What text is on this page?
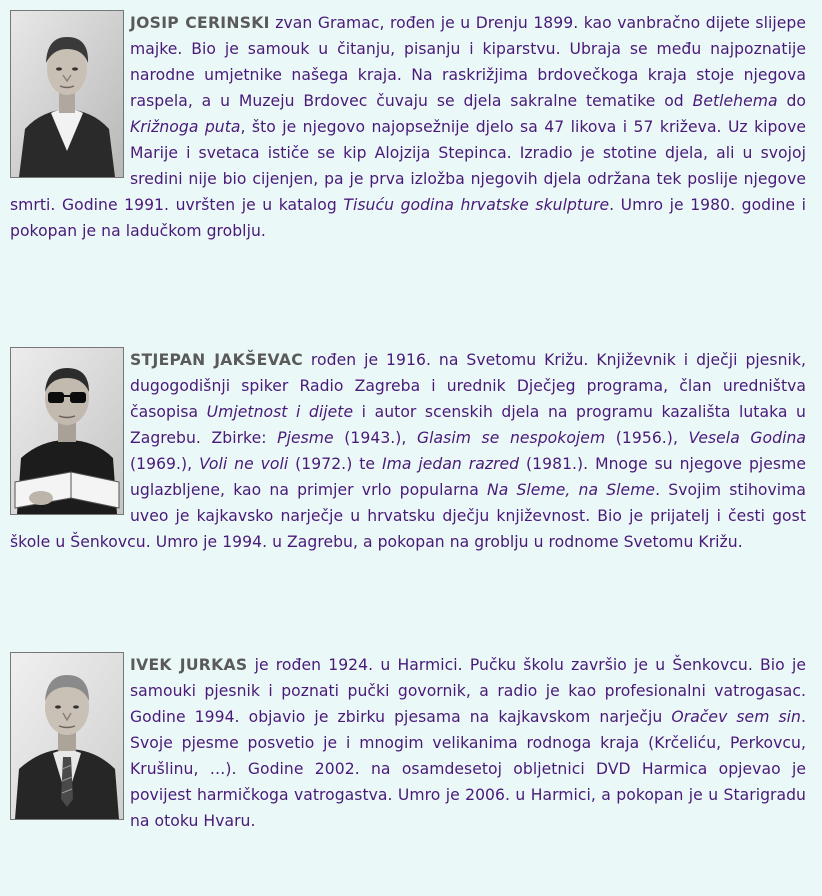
JOSIP CERINSKI zvan Gramac, rođen je u Drenju 1899. kao vanbračno dijete slijepe majke. Bio je samouk u čitanju, pisanju i kiparstvu. Ubraja se među najpoznatije narodne umjetnike našega kraja. Na raskrižjima brdovečkoga kraja stoje njegova raspela, a u Muzeju Brdovec čuvaju se djela sakralne tematike od Betlehema do Križnoga puta, što je njegovo najopsežnije djelo sa 47 likova i 57 križeva. Uz kipove Marije i svetaca ističe se kip Alojzija Stepinca. Izradio je stotine djela, ali u svojoj sredini nije bio cijenjen, pa je prva izložba njegovih djela održana tek poslije njegove smrti. Godine 1991. uvršten je u katalog Tisuću godina hrvatske skulpture. Umro je 1980. godine i pokopan je na ladučkom groblju.
STJEPAN JAKŠEVAC rođen je 1916. na Svetomu Križu. Književnik i dječji pjesnik, dugogodišnji spiker Radio Zagreba i urednik Dječjeg programa, član uredništva časopisa Umjetnost i dijete i autor scenskih djela na programu kazališta lutaka u Zagrebu. Zbirke: Pjesme (1943.), Glasim se nespokojem (1956.), Vesela Godina (1969.), Voli ne voli (1972.) te Ima jedan razred (1981.). Mnoge su njegove pjesme uglazbljene, kao na primjer vrlo popularna Na Sleme, na Sleme. Svojim stihovima uveo je kajkavsko narječje u hrvatsku dječju književnost. Bio je prijatelj i česti gost škole u Šenkovcu. Umro je 1994. u Zagrebu, a pokopan na groblju u rodnome Svetomu Križu.
IVEK JURKAS je rođen 1924. u Harmici. Pučku školu završio je u Šenkovcu. Bio je samouki pjesnik i poznati pučki govornik, a radio je kao profesionalni vatrogasac. Godine 1994. objavio je zbirku pjesama na kajkavskom narječju Oračev sem sin. Svoje pjesme posvetio je i mnogim velikanima rodnoga kraja (Krčeliću, Perkovcu, Krušlinu, …). Godine 2002. na osamdesetoj obljetnici DVD Harmica opjevao je povijest harmičkoga vatrogastva. Umro je 2006. u Harmici, a pokopan je u Starigradu na otoku Hvaru.
